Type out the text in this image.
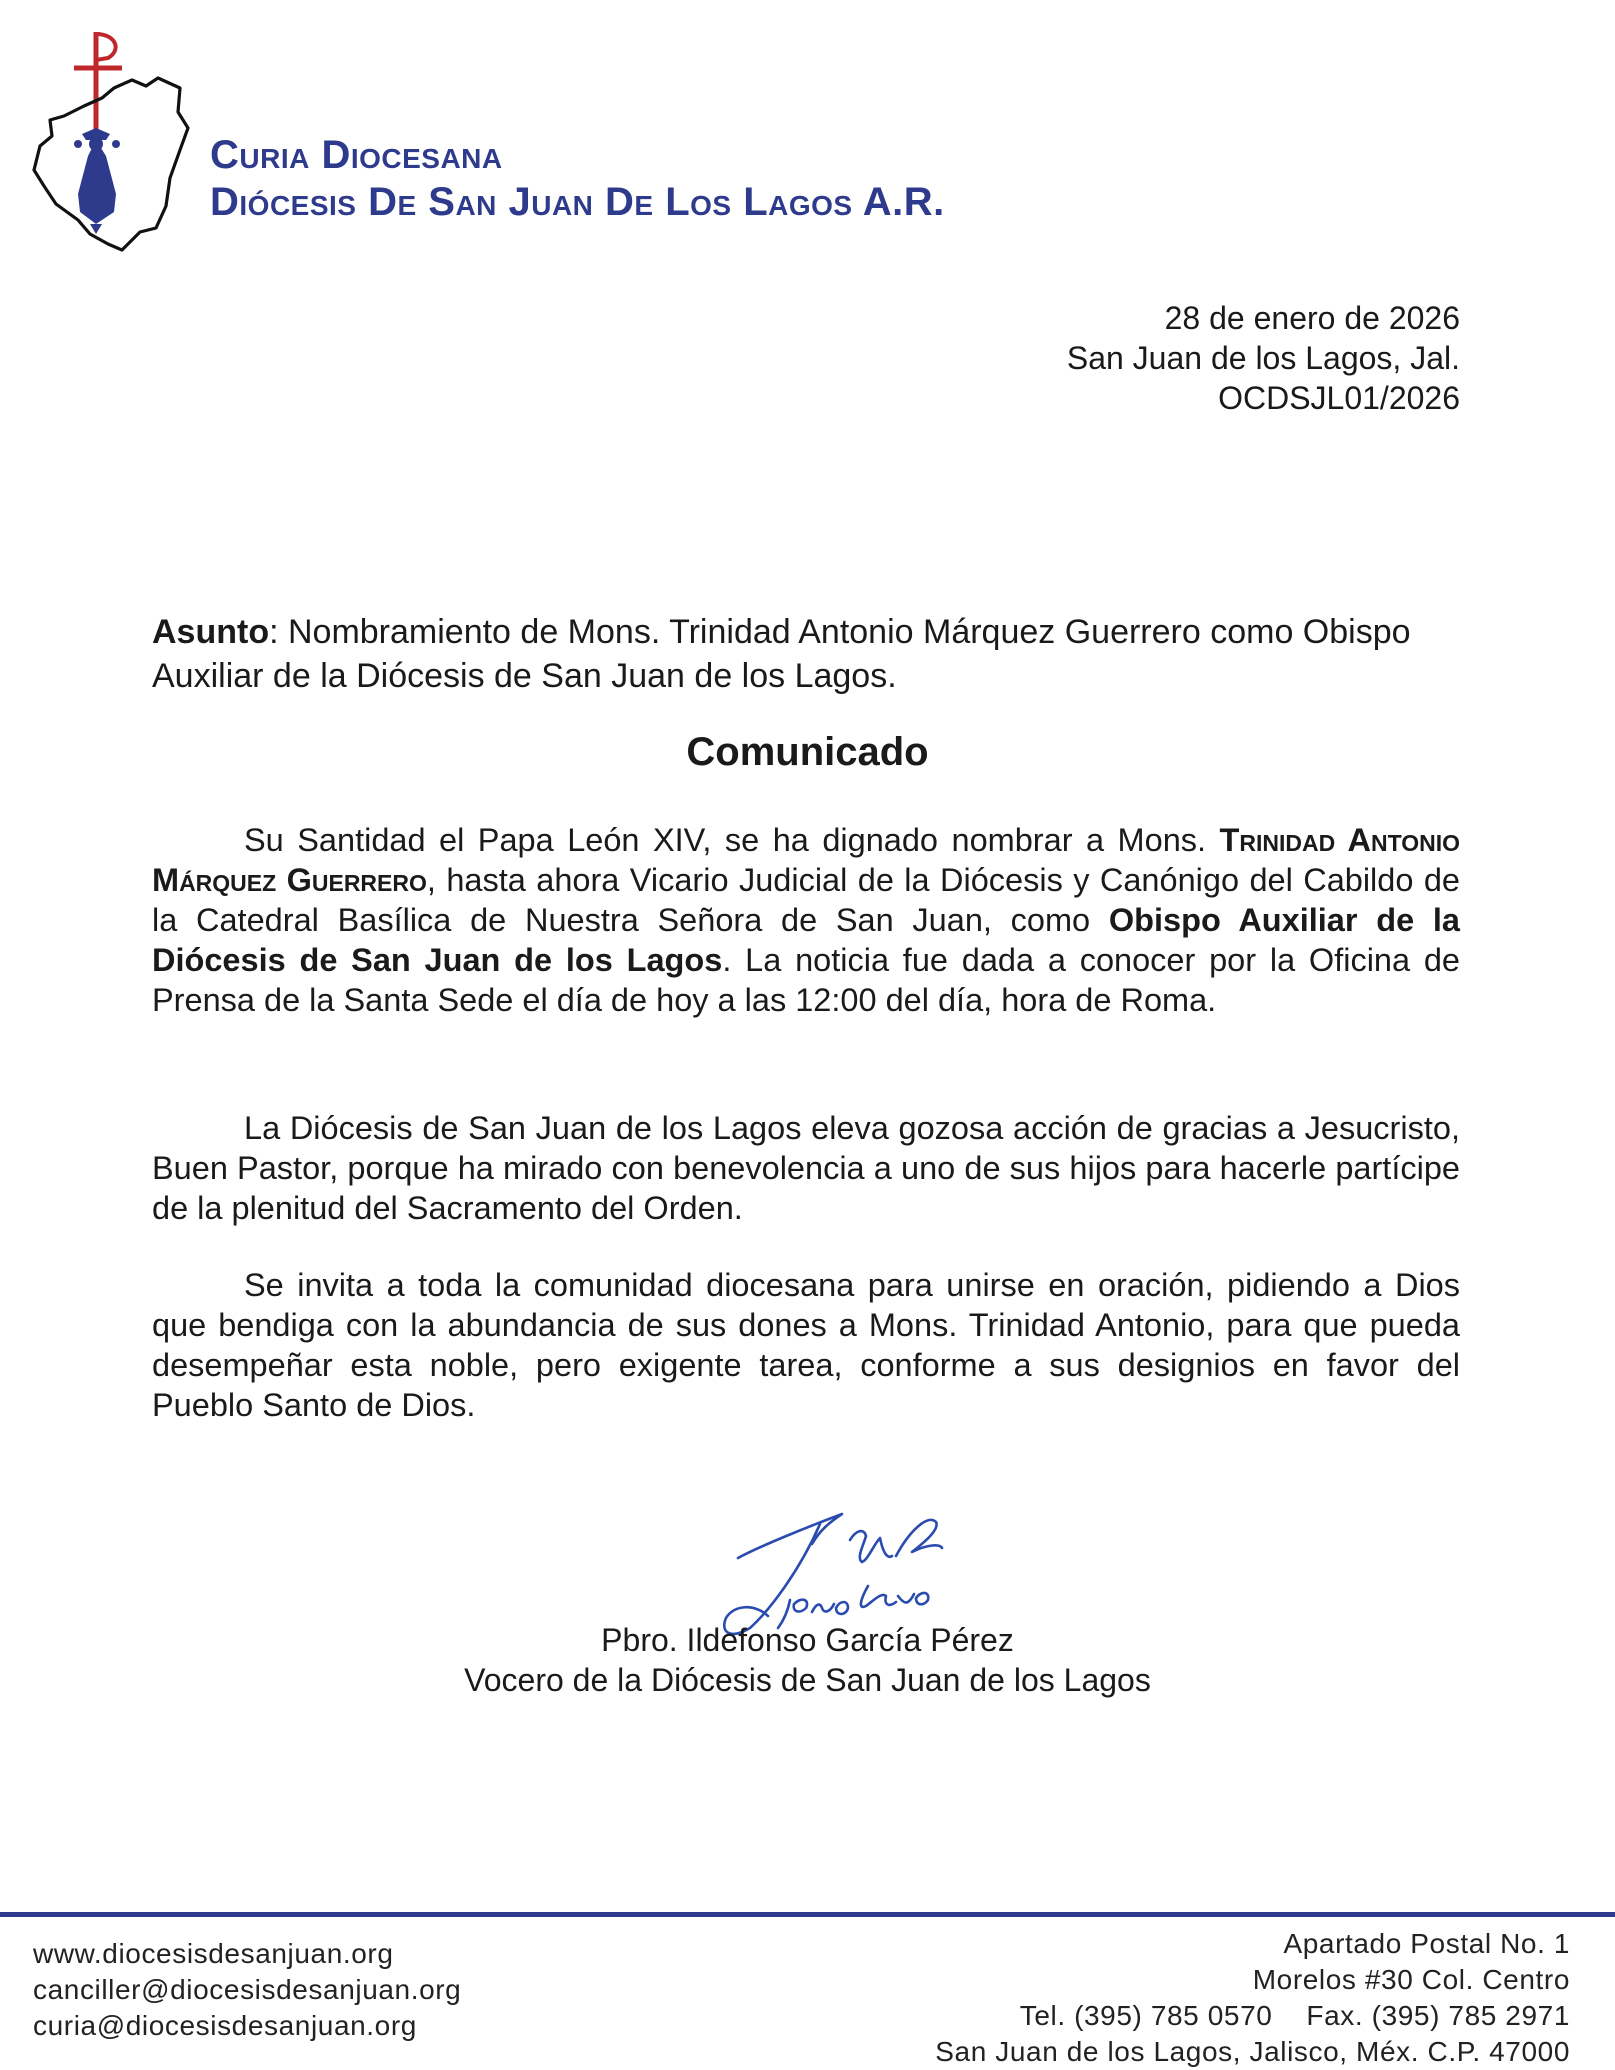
Curia Diocesana
Diócesis De San Juan De Los Lagos A.R.
28 de enero de 2026
San Juan de los Lagos, Jal.
OCDSJL01/2026
Asunto: Nombramiento de Mons. Trinidad Antonio Márquez Guerrero como Obispo Auxiliar de la Diócesis de San Juan de los Lagos.
Comunicado
Su Santidad el Papa León XIV, se ha dignado nombrar a Mons. Trinidad Antonio Márquez Guerrero, hasta ahora Vicario Judicial de la Diócesis y Canónigo del Cabildo de la Catedral Basílica de Nuestra Señora de San Juan, como Obispo Auxiliar de la Diócesis de San Juan de los Lagos. La noticia fue dada a conocer por la Oficina de Prensa de la Santa Sede el día de hoy a las 12:00 del día, hora de Roma.
La Diócesis de San Juan de los Lagos eleva gozosa acción de gracias a Jesucristo, Buen Pastor, porque ha mirado con benevolencia a uno de sus hijos para hacerle partícipe de la plenitud del Sacramento del Orden.
Se invita a toda la comunidad diocesana para unirse en oración, pidiendo a Dios que bendiga con la abundancia de sus dones a Mons. Trinidad Antonio, para que pueda desempeñar esta noble, pero exigente tarea, conforme a sus designios en favor del Pueblo Santo de Dios.
Pbro. Ildefonso García Pérez
Vocero de la Diócesis de San Juan de los Lagos
www.diocesisdesanjuan.org
canciller@diocesisdesanjuan.org
curia@diocesisdesanjuan.org
Apartado Postal No. 1
Morelos #30 Col. Centro
Tel. (395) 785 0570 Fax. (395) 785 2971
San Juan de los Lagos, Jalisco, Méx. C.P. 47000
